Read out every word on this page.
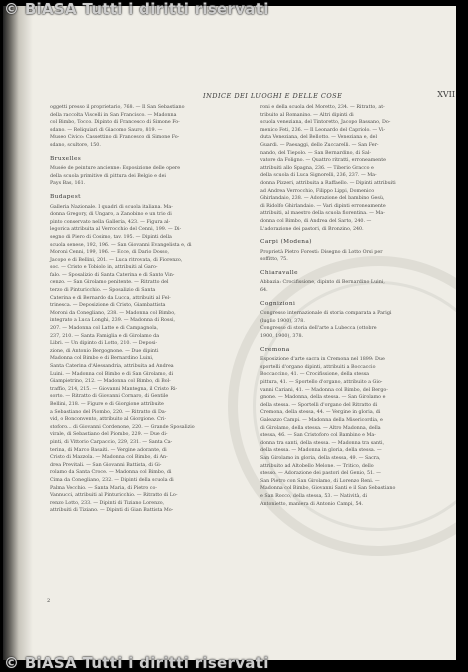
INDICE DEI LUOGHI E DELLE COSE	XVII
oggetti presso il proprietario, 768. — Il San Sebastiano
della raccolta Viscelli in San Francisco. — Madonna
col Bimbo, Tocco. Dipinto di Francesco di Simone Fo-
sdano. — Reliquiari di Giacomo Sauro, 819. —
Museo Civico: Cassettino di Francesco di Simone Fo-
sdano, scultore, 150.
Bruxelles
Musée de peinture ancienne: Esposizione delle opere
della scuola primitive di pittura dei Belgio e dei
Pays Bas, 161.
Budapest
Galleria Nazionale. I quadri di scuola italiana. Ma-
donna Gregory, di Ungaro, a Zanobino e un trio di
pinto conservato nella Galleria, 423. — Figura al-
legorica attribuita al Verrocchio del Cenni, 199. — Di-
segno di Piero di Cosimo, tav. 195. — Dipinti della
scuola senese, 192, 196. — San Giovanni Evangelista e, di
Moroni Cenni, 199, 196. — Ecce, di Dario Dosso,
Jacopo e di Bellini, 201. — Luca ritrovata, di Fiorenzo,
soc. — Cristo e Tobiolo in, attribuiti al Garo-
falo. — Sposalizio di Santa Caterina e di Santo Vin-
cenzo. — San Girolamo penitente. — Ritratto del
terzo di Pinturicchio. — Sposalizio di Santa
Caterina e di Bernardo da Lucca, attribuiti al Fel-
trinesca. — Deposizione di Cristo, Giambattista
Moroni da Conegliano, 238. — Madonna col Bimbo,
integrato a Luca Longhi, 239. — Madonna di Rossi,
207. — Madonna col Latte e di Campagnola,
237, 210. — Santa Famiglia e di Girolamo da
Libri. — Un dipinto di Lotto, 210. — Deposi-
zione, di Antonio Bergognone. — Due dipinti
Madonna col Bimbo e di Bernardino Luini,
Santa Caterina d'Alessandria, attribuita ad Andrea
Luini. — Madonna col Bimbo e di San Girolamo, di
Giampietrino, 212. — Madonna col Bimbo, di Bol-
traffio, 214, 215. — Giovanni Mantegna, il Cristo Ri-
sorto. — Ritratto di Giovanni Cornaro, di Gentile
Bellini, 218. — Figure e di Giorgione attribuite
a Sebastiano del Piombo, 220. — Ritratto di Da-
vid, o Bonconvento, attribuito al Giorgione. Cri-
stoforo... di Giovanni Cordenone, 220. — Grande Sposalizio
virale, di Sebastiano del Piombo, 229. — Due di-
pinti, di Vittorio Carpaccio, 229, 231. — Santa Ca-
terina, di Marco Basaiti. — Vergine adorante, di
Cristo di Mazzola. — Madonna col Bimbo, di An-
drea Previtali. — San Giovanni Battista, di Gi-
rolamo da Santa Croce. — Madonna col Bimbo, di
Cima da Conegliano, 232. — Dipinti della scuola di
Palma Vecchio. — Santa Maria, di Pietro co-
Vannucci, attribuiti al Pinturicchio. — Ritratto di Lo-
renzo Lotto, 233. — Dipinti di Tiziano Lorenzo,
attribuiti di Tiziano. — Dipinti di Gian Battista Mo-
roni e della scuola del Moretto, 234. — Ritratto, at-
tribuito al Romanino. — Altri dipinti di
scuola veneziana, del Tintoretto, Jacopo Bassano, Do-
menico Feti, 236. — Il Leonardo del Capriolo. — Vi-
duta Veneziana, del Bellotto. — Veneziana e, del
Guardi. — Paesaggi, dello Zuccarelli. — San Fer-
nando, del Tiepolo. — San Bernardino, di Sal-
vatore da Foligno. — Quattro ritratti, erroneamente
attribuiti allo Spagna, 236. — Tiberio Gracco e
della scuola di Luca Signorelli, 236, 237. — Ma-
donna Pizzeri, attribuita a Raffaello. — Dipinti attribuiti
ad Andrea Verrocchio, Filippo Lippi, Domenico
Ghirlandaio, 238. — Adorazione del bambino Gesù,
di Ridolfo Ghirlandaio. — Vari dipinti erroneamente
attribuiti, al maestro della scuola fiorentina. — Ma-
donna col Bimbo, di Andrea del Sarto, 240. —
L'adorazione dei pastori, di Bronzino, 240.
Carpi (Modena)
Proprietà Pietro Foresti: Disegno di Lotto Orsi per
soffitto, 75.
Chiaravalle
Abbazia: Crocifissione, dipinto di Bernardino Luini,
64.
Cognizioni
Congresso internazionale di storia comparata a Parigi
(luglio 1900), 378.
Congresso di storia dell'arte a Lubecca (ottobre
1900, 1900), 378.
Cremona
Esposizione d'arte sacra in Cremona nel 1899: Due
sportelli d'organo dipinti, attribuiti a Boccaccio
Boccaccino, 41. — Crocifissione, della stessa
pittura, 41. — Sportello d'organo, attribuito a Gio-
vanni Cariani, 41. — Madonna col Bimbo, del Bergo-
gnone. — Madonna, della stessa. — San Girolamo e
della stessa. — Sportelli d'organo del Ritratto di
Cremona, della stessa, 44. — Vergine in gloria, di
Galeazzo Campi. — Madonna della Misericordia, e
di Girolamo, della stessa. — Altro Madonna, della
stessa, 46. — San Cristoforo col Bambino e Ma-
donna tra santi, della stessa. — Madonna tra santi,
della stessa. — Madonna in gloria, della stessa. —
San Girolamo in gloria, della stessa, 49. — Sacra,
attribuito ad Altobello Melone. — Tritico, dello
stesso. — Adorazione dei pastori del Genio, 51. —
San Pietro con San Girolamo, di Lorenzo Reni. —
Madonna col Bimbo, Giovanni Santi e il San Sebastiano
e San Rocco, della stessa, 53. — Natività, di
Antonietto, maniera di Antonio Campi, 54.
2
© BiASA Tutti i diritti riservati
© BiASA Tutti i diritti riservati
